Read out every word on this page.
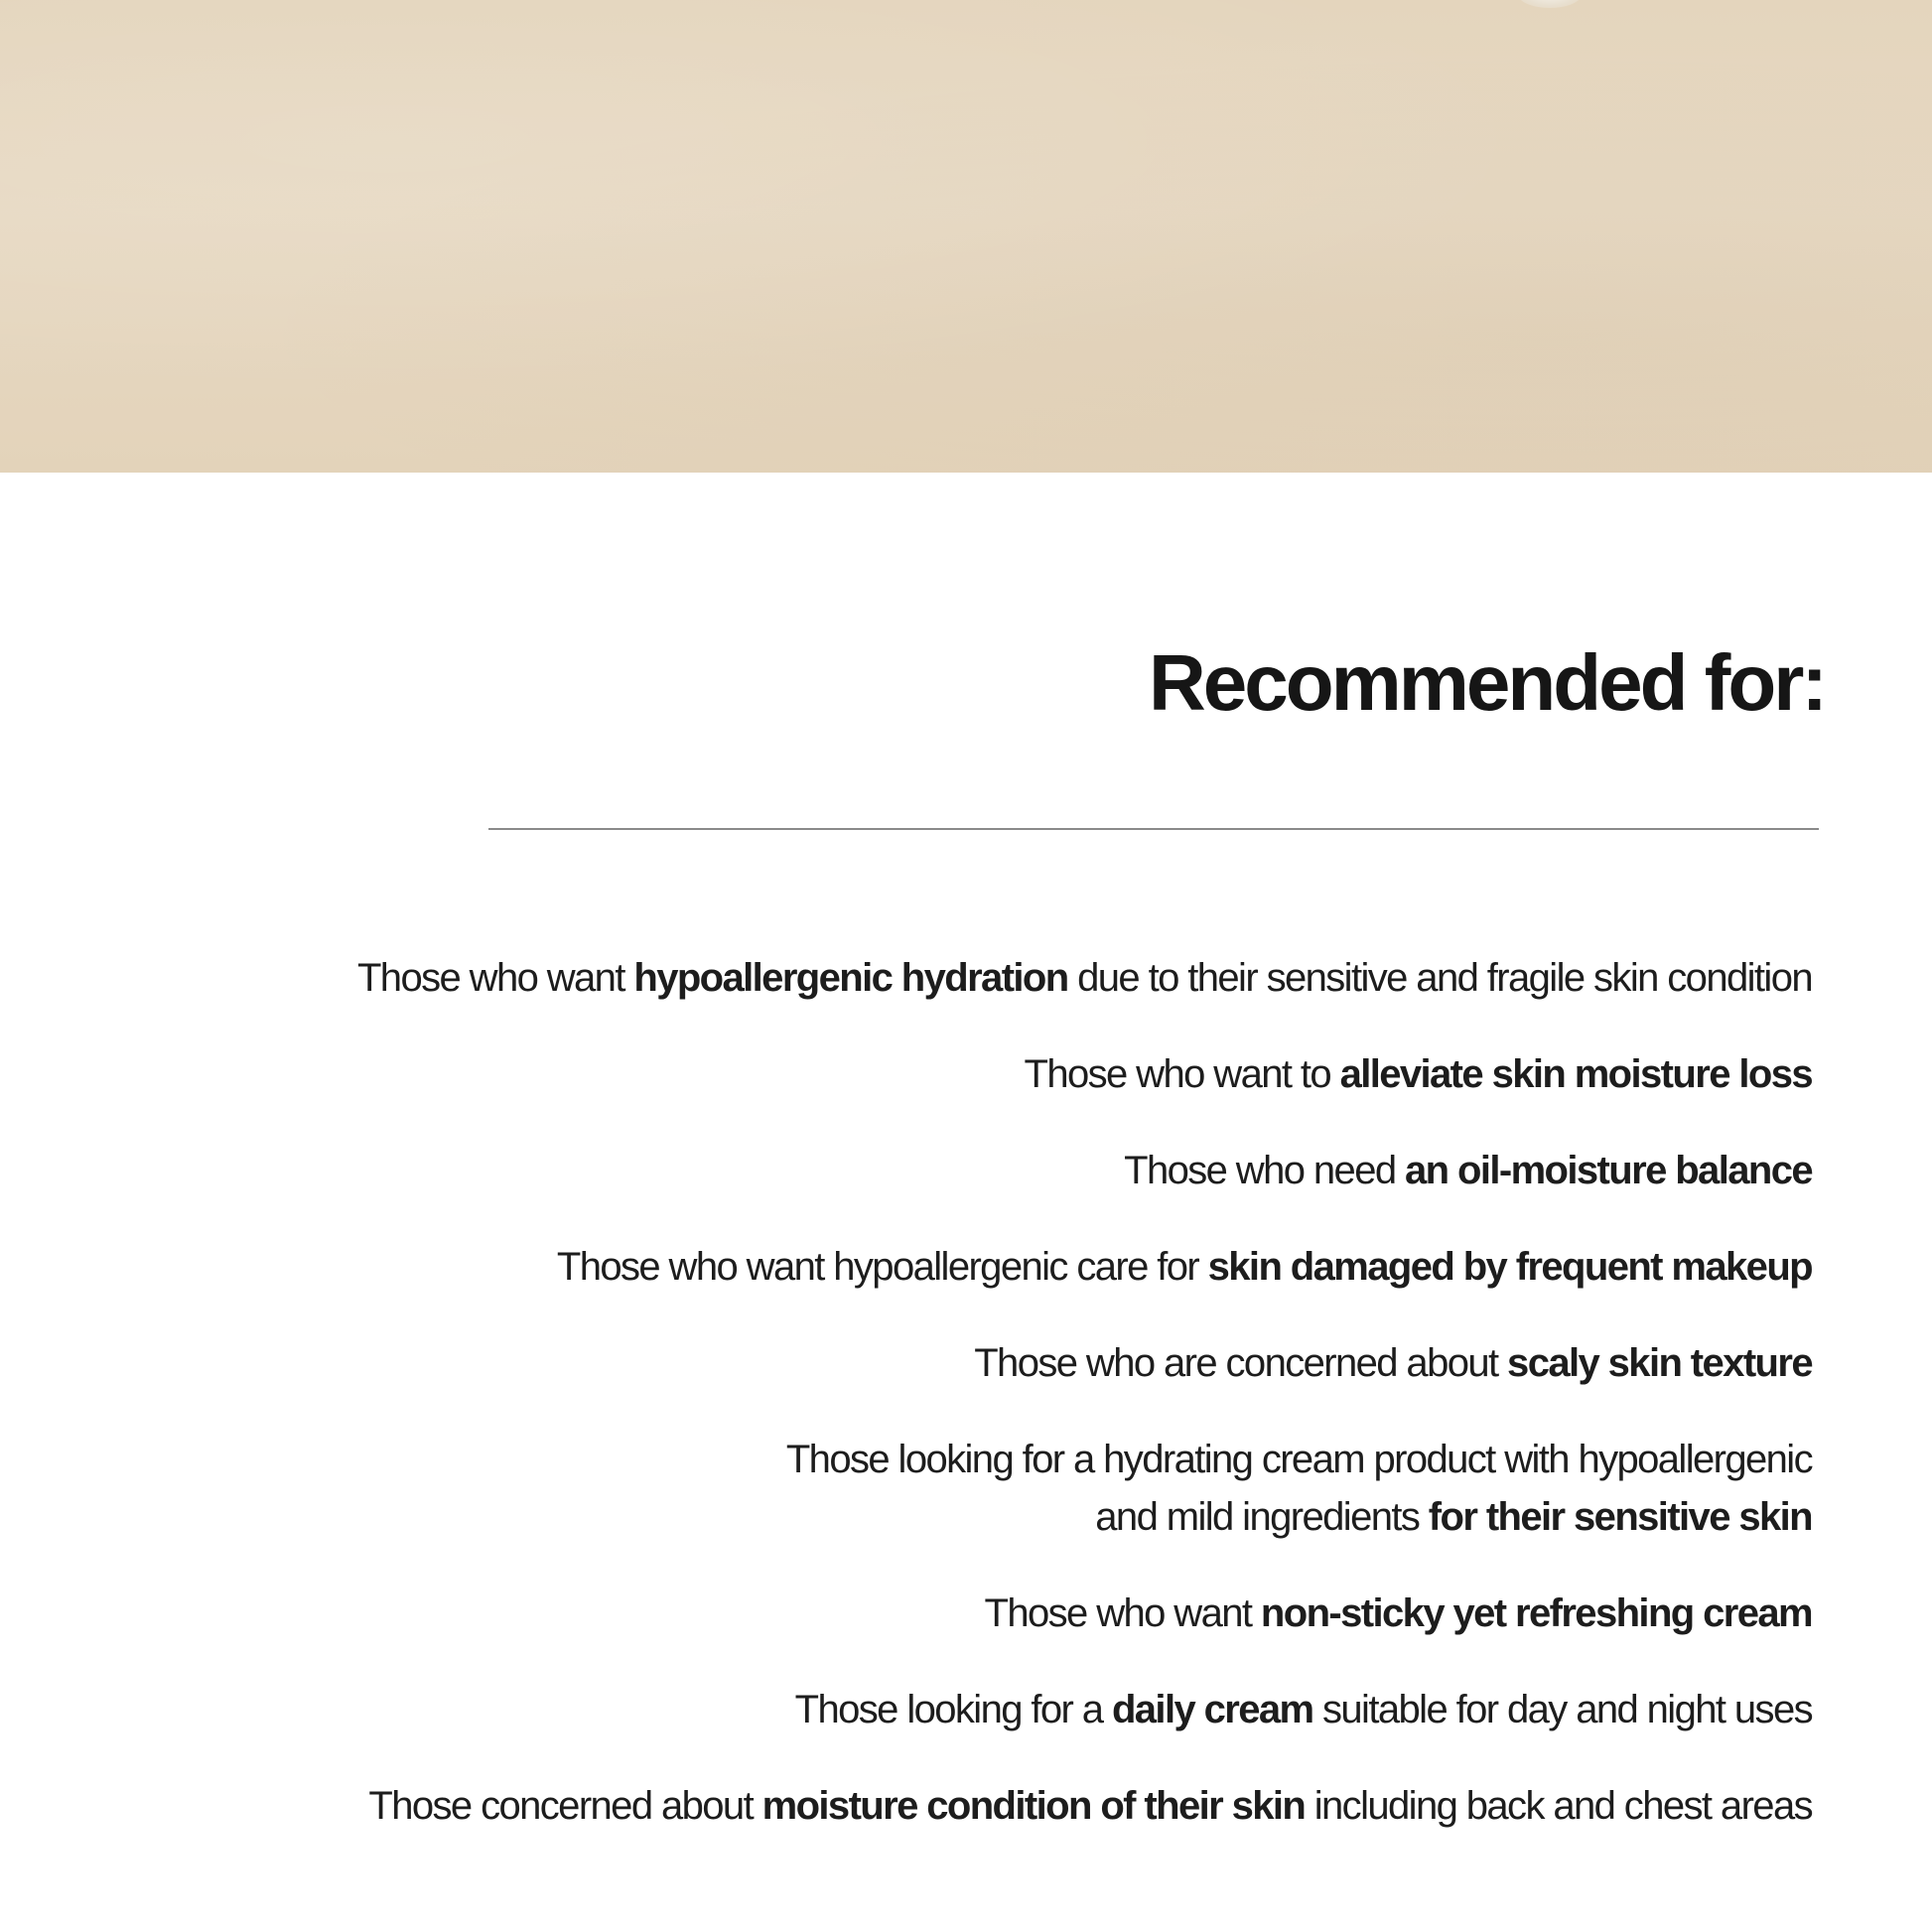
Recommended for:
Those who want hypoallergenic hydration due to their sensitive and fragile skin condition
Those who want to alleviate skin moisture loss
Those who need an oil-moisture balance
Those who want hypoallergenic care for skin damaged by frequent makeup
Those who are concerned about scaly skin texture
Those looking for a hydrating cream product with hypoallergenic
and mild ingredients for their sensitive skin
Those who want non-sticky yet refreshing cream
Those looking for a daily cream suitable for day and night uses
Those concerned about moisture condition of their skin including back and chest areas
